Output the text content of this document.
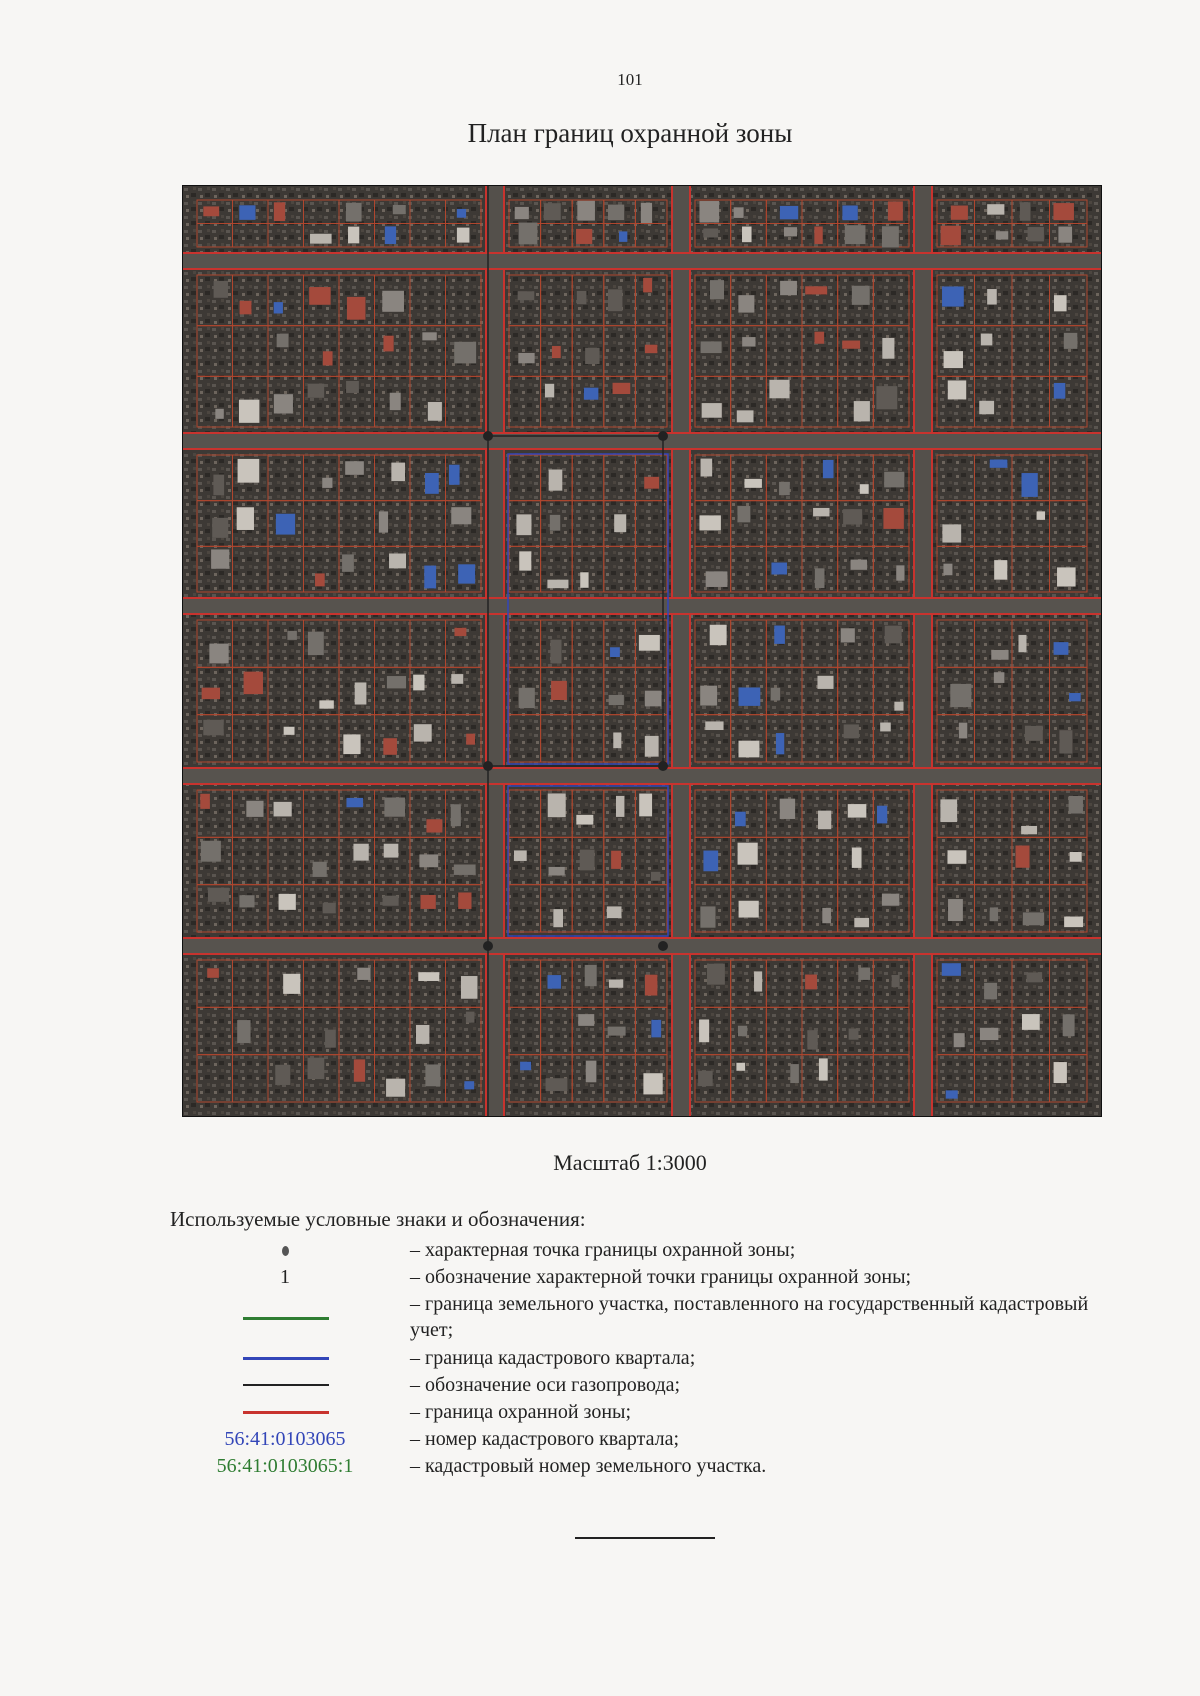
101
План границ охранной зоны
Масштаб 1:3000
Используемые условные знаки и обозначения:
– характерная точка границы охранной зоны;
1	– обозначение характерной точки границы охранной зоны;
– граница земельного участка, поставленного на государственный кадастровый учет;
– граница кадастрового квартала;
– обозначение оси газопровода;
– граница охранной зоны;
56:41:0103065	– номер кадастрового квартала;
56:41:0103065:1	– кадастровый номер земельного участка.
